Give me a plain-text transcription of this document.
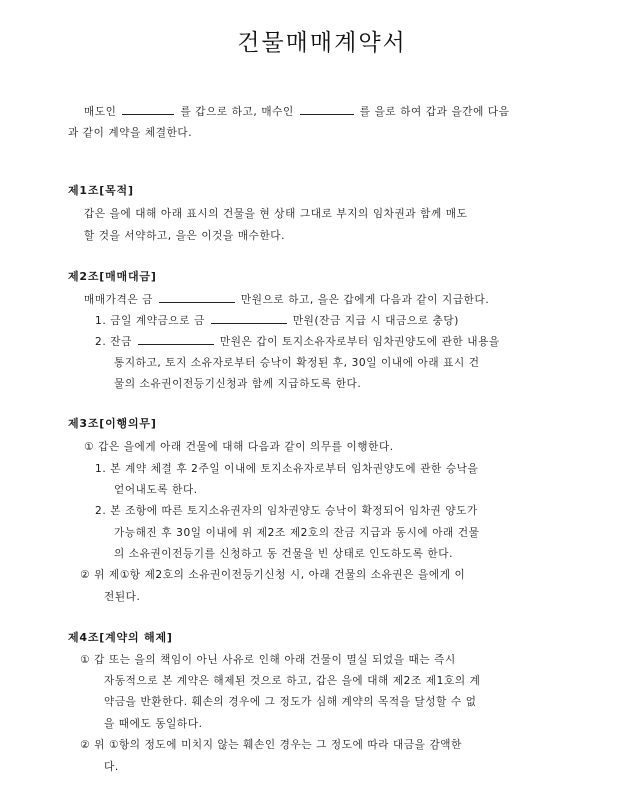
건물매매계약서
매도인	를 갑으로 하고, 매수인	를 을로 하여 갑과 을간에 다음
과 같이 계약을 체결한다.
제1조[목적]
갑은 을에 대해 아래 표시의 건물을 현 상태 그대로 부지의 임차권과 함께 매도
할 것을 서약하고, 을은 이것을 매수한다.
제2조[매매대금]
매매가격은 금	만원으로 하고, 을은 갑에게 다음과 같이 지급한다.
1. 금일 계약금으로 금	만원(잔금 지급 시 대금으로 충당)
2. 잔금	만원은 갑이 토지소유자로부터 임차권양도에 관한 내용을
통지하고, 토지 소유자로부터 승낙이 확정된 후, 30일 이내에 아래 표시 건
물의 소유권이전등기신청과 함께 지급하도록 한다.
제3조[이행의무]
① 갑은 을에게 아래 건물에 대해 다음과 같이 의무를 이행한다.
1. 본 계약 체결 후 2주일 이내에 토지소유자로부터 임차권양도에 관한 승낙을
얻어내도록 한다.
2. 본 조항에 따른 토지소유권자의 임차권양도 승낙이 확정되어 임차권 양도가
가능해진 후 30일 이내에 위 제2조 제2호의 잔금 지급과 동시에 아래 건물
의 소유권이전등기를 신청하고 동 건물을 빈 상태로 인도하도록 한다.
② 위 제①항 제2호의 소유권이전등기신청 시, 아래 건물의 소유권은 을에게 이
전된다.
제4조[계약의 해제]
① 갑 또는 을의 책임이 아닌 사유로 인해 아래 건물이 멸실 되었을 때는 즉시
자동적으로 본 계약은 해제된 것으로 하고, 갑은 을에 대해 제2조 제1호의 계
약금을 반환한다. 훼손의 경우에 그 정도가 심해 계약의 목적을 달성할 수 없
을 때에도 동일하다.
② 위 ①항의 정도에 미치지 않는 훼손인 경우는 그 정도에 따라 대금을 감액한
다.
